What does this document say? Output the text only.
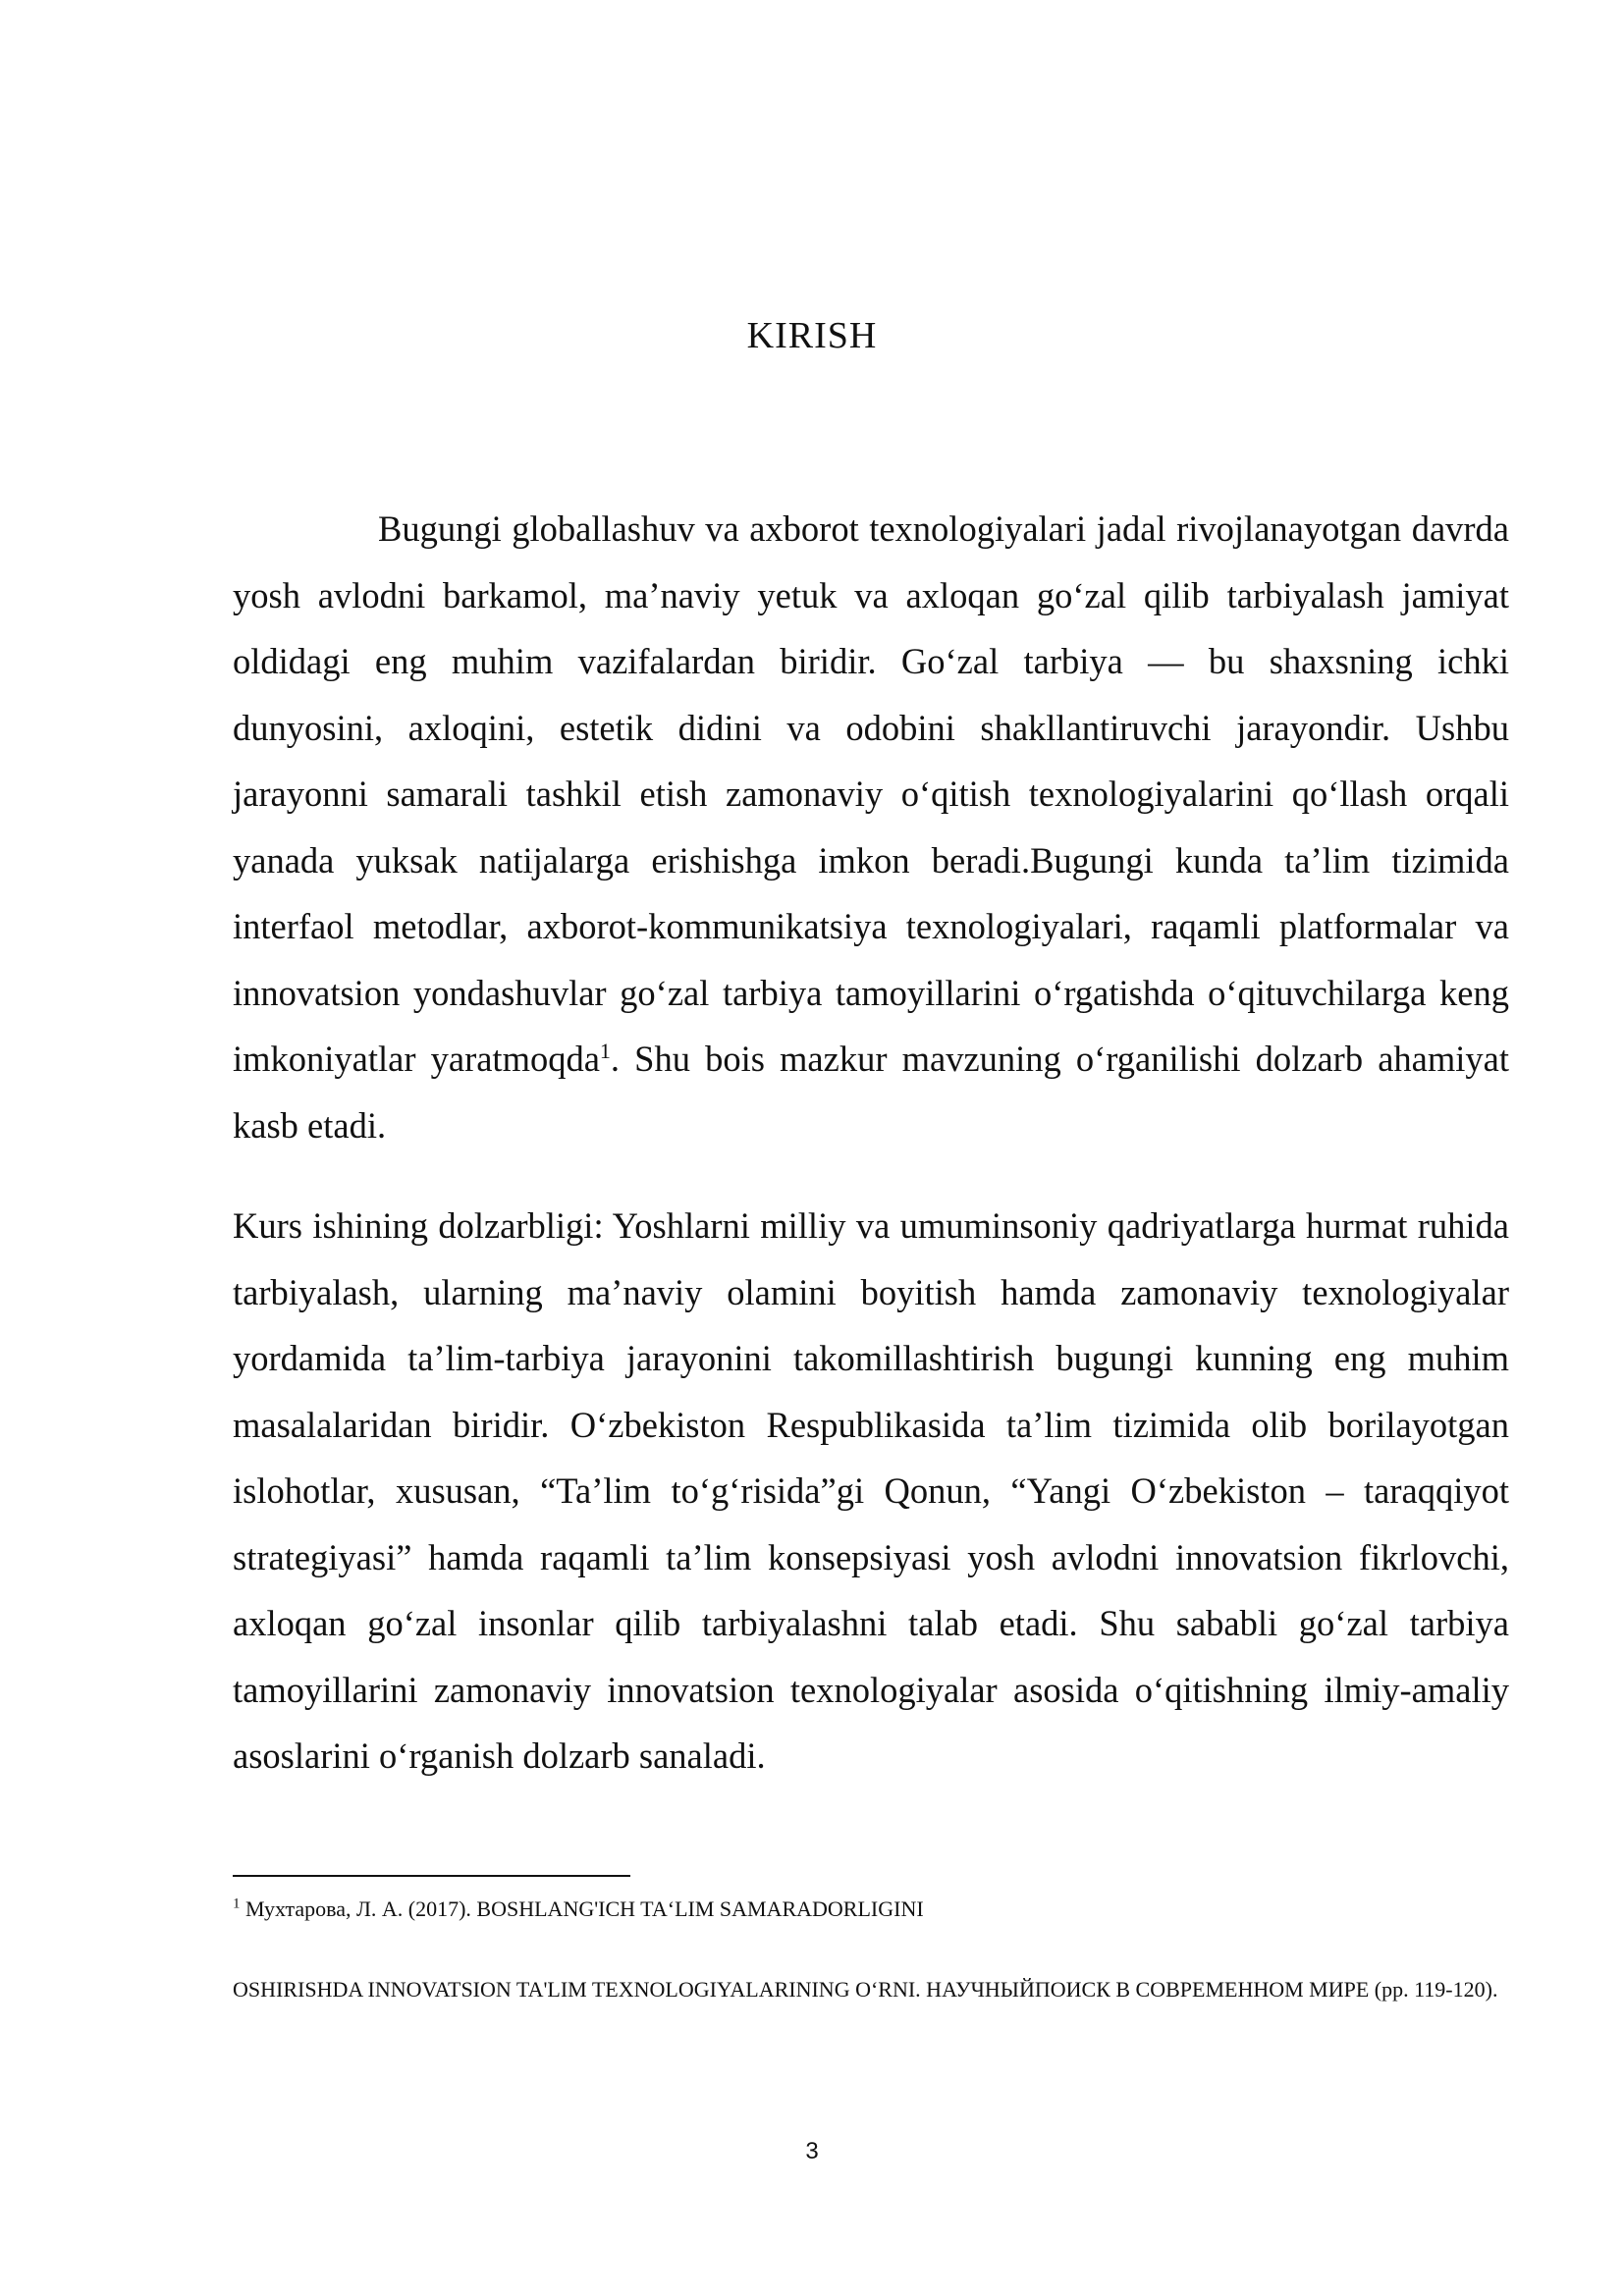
KIRISH

Bugungi globallashuv va axborot texnologiyalari jadal rivojlanayotgan davrda yosh avlodni barkamol, ma’naviy yetuk va axloqan go‘zal qilib tarbiyalash jamiyat oldidagi eng muhim vazifalardan biridir. Go‘zal tarbiya — bu shaxsning ichki dunyosini, axloqini, estetik didini va odobini shakllantiruvchi jarayondir. Ushbu jarayonni samarali tashkil etish zamonaviy o‘qitish texnologiyalarini qo‘llash orqali yanada yuksak natijalarga erishishga imkon beradi.Bugungi kunda ta’lim tizimida interfaol metodlar, axborot-kommunikatsiya texnologiyalari, raqamli platformalar va innovatsion yondashuvlar go‘zal tarbiya tamoyillarini o‘rgatishda o‘qituvchilarga keng imkoniyatlar yaratmoqda$^1$. Shu bois mazkur mavzuning o‘rganilishi dolzarb ahamiyat kasb etadi.

Kurs ishining dolzarbligi: Yoshlarni milliy va umuminsoniy qadriyatlarga hurmat ruhida tarbiyalash, ularning ma’naviy olamini boyitish hamda zamonaviy texnologiyalar yordamida ta’lim-tarbiya jarayonini takomillashtirish bugungi kunning eng muhim masalalaridan biridir. O‘zbekiston Respublikasida ta’lim tizimida olib borilayotgan islohotlar, xususan, “Ta’lim to‘g‘risida”gi Qonun, “Yangi O‘zbekiston – taraqqiyot strategiyasi” hamda raqamli ta’lim konsepsiyasi yosh avlodni innovatsion fikrlovchi, axloqan go‘zal insonlar qilib tarbiyalashni talab etadi. Shu sababli go‘zal tarbiya tamoyillarini zamonaviy innovatsion texnologiyalar asosida o‘qitishning ilmiy-amaliy asoslarini o‘rganish dolzarb sanaladi.

$^1$ Мухтарова, Л. А. (2017). BOSHLANG'ICH TA‘LIM SAMARADORLIGINI

OSHIRISHDA INNOVATSION TA'LIM TEXNOLOGIYALARINING O‘RNI. НАУЧНЫЙПОИСК В СОВРЕМЕННОМ МИРЕ (pp. 119-120).

3
